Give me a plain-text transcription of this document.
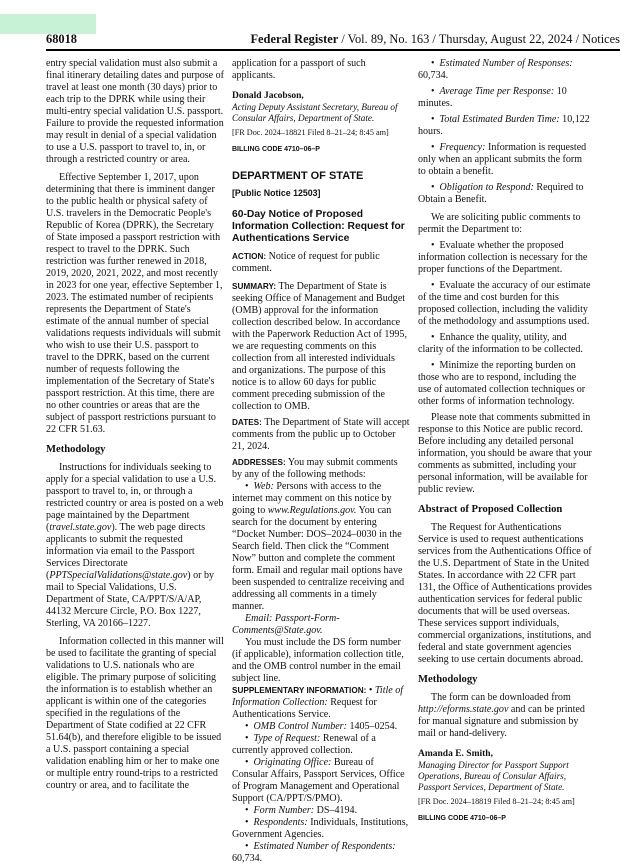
68018	Federal Register / Vol. 89, No. 163 / Thursday, August 22, 2024 / Notices

entry special validation must also submit a final itinerary detailing dates and purpose of travel at least one month (30 days) prior to each trip to the DPRK while using their multi-entry special validation U.S. passport. Failure to provide the requested information may result in denial of a special validation to use a U.S. passport to travel to, in, or through a restricted country or area.

Effective September 1, 2017, upon determining that there is imminent danger to the public health or physical safety of U.S. travelers in the Democratic People's Republic of Korea (DPRK), the Secretary of State imposed a passport restriction with respect to travel to the DPRK. Such restriction was further renewed in 2018, 2019, 2020, 2021, 2022, and most recently in 2023 for one year, effective September 1, 2023. The estimated number of recipients represents the Department of State's estimate of the annual number of special validations requests individuals will submit who wish to use their U.S. passport to travel to the DPRK, based on the current number of requests following the implementation of the Secretary of State's passport restriction. At this time, there are no other countries or areas that are the subject of passport restrictions pursuant to 22 CFR 51.63.

Methodology

Instructions for individuals seeking to apply for a special validation to use a U.S. passport to travel to, in, or through a restricted country or area is posted on a web page maintained by the Department (travel.state.gov). The web page directs applicants to submit the requested information via email to the Passport Services Directorate (PPTSpecialValidations@state.gov) or by mail to Special Validations, U.S. Department of State, CA/PPT/S/A/AP, 44132 Mercure Circle, P.O. Box 1227, Sterling, VA 20166–1227.

Information collected in this manner will be used to facilitate the granting of special validations to U.S. nationals who are eligible. The primary purpose of soliciting the information is to establish whether an applicant is within one of the categories specified in the regulations of the Department of State codified at 22 CFR 51.64(b), and therefore eligible to be issued a U.S. passport containing a special validation enabling him or her to make one or multiple entry round-trips to a restricted country or area, and to facilitate the

application for a passport of such applicants.

Donald Jacobson,
Acting Deputy Assistant Secretary, Bureau of Consular Affairs, Department of State.
[FR Doc. 2024–18821 Filed 8–21–24; 8:45 am]
BILLING CODE 4710–06–P
DEPARTMENT OF STATE
[Public Notice 12503]
60-Day Notice of Proposed Information Collection: Request for Authentications Service

ACTION: Notice of request for public comment.

SUMMARY: The Department of State is seeking Office of Management and Budget (OMB) approval for the information collection described below. In accordance with the Paperwork Reduction Act of 1995, we are requesting comments on this collection from all interested individuals and organizations. The purpose of this notice is to allow 60 days for public comment preceding submission of the collection to OMB.

DATES: The Department of State will accept comments from the public up to October 21, 2024.

ADDRESSES: You may submit comments by any of the following methods:

•  Web: Persons with access to the internet may comment on this notice by going to www.Regulations.gov. You can search for the document by entering “Docket Number: DOS–2024–0030 in the Search field. Then click the “Comment Now” button and complete the comment form. Email and regular mail options have been suspended to centralize receiving and addressing all comments in a timely manner.

Email: Passport-Form-Comments@State.gov.

You must include the DS form number (if applicable), information collection title, and the OMB control number in the email subject line.

SUPPLEMENTARY INFORMATION: • Title of Information Collection: Request for Authentications Service.

•  OMB Control Number: 1405–0254.

•  Type of Request: Renewal of a currently approved collection.

•  Originating Office: Bureau of Consular Affairs, Passport Services, Office of Program Management and Operational Support (CA/PPT/S/PMO).

•  Form Number: DS–4194.

•  Respondents: Individuals, Institutions, Government Agencies.

•  Estimated Number of Respondents: 60,734.

•  Estimated Number of Responses: 60,734.

•  Average Time per Response: 10 minutes.

•  Total Estimated Burden Time: 10,122 hours.

•  Frequency: Information is requested only when an applicant submits the form to obtain a benefit.

•  Obligation to Respond: Required to Obtain a Benefit.

We are soliciting public comments to permit the Department to:

•  Evaluate whether the proposed information collection is necessary for the proper functions of the Department.

•  Evaluate the accuracy of our estimate of the time and cost burden for this proposed collection, including the validity of the methodology and assumptions used.

•  Enhance the quality, utility, and clarity of the information to be collected.

•  Minimize the reporting burden on those who are to respond, including the use of automated collection techniques or other forms of information technology.

Please note that comments submitted in response to this Notice are public record. Before including any detailed personal information, you should be aware that your comments as submitted, including your personal information, will be available for public review.

Abstract of Proposed Collection

The Request for Authentications Service is used to request authentications services from the Authentications Office of the U.S. Department of State in the United States. In accordance with 22 CFR part 131, the Office of Authentications provides authentication services for federal public documents that will be used overseas. These services support individuals, commercial organizations, institutions, and federal and state government agencies seeking to use certain documents abroad.

Methodology

The form can be downloaded from http://eforms.state.gov and can be printed for manual signature and submission by mail or hand-delivery.

Amanda E. Smith,
Managing Director for Passport Support Operations, Bureau of Consular Affairs, Passport Services, Department of State.
[FR Doc. 2024–18819 Filed 8–21–24; 8:45 am]
BILLING CODE 4710–06–P
